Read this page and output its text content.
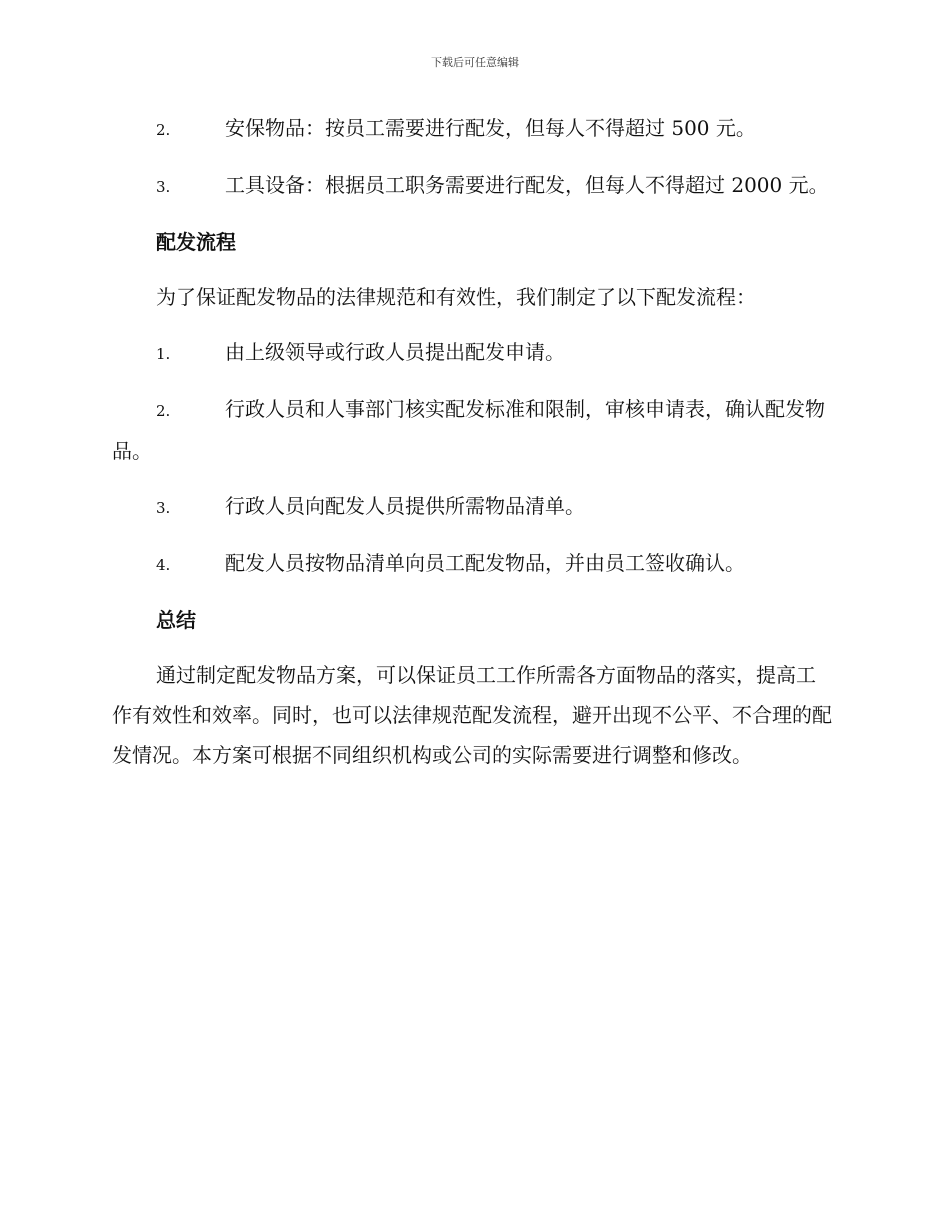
下载后可任意编辑
2.	安保物品：按员工需要进行配发，但每人不得超过 500 元。
3.	工具设备：根据员工职务需要进行配发，但每人不得超过 2000 元。
配发流程

为了保证配发物品的法律规范和有效性，我们制定了以下配发流程：

1.	由上级领导或行政人员提出配发申请。
2.	行政人员和人事部门核实配发标准和限制，审核申请表，确认配发物品。
3.	行政人员向配发人员提供所需物品清单。
4.	配发人员按物品清单向员工配发物品，并由员工签收确认。
总结

通过制定配发物品方案，可以保证员工工作所需各方面物品的落实，提高工作有效性和效率。同时，也可以法律规范配发流程，避开出现不公平、不合理的配发情况。本方案可根据不同组织机构或公司的实际需要进行调整和修改。
